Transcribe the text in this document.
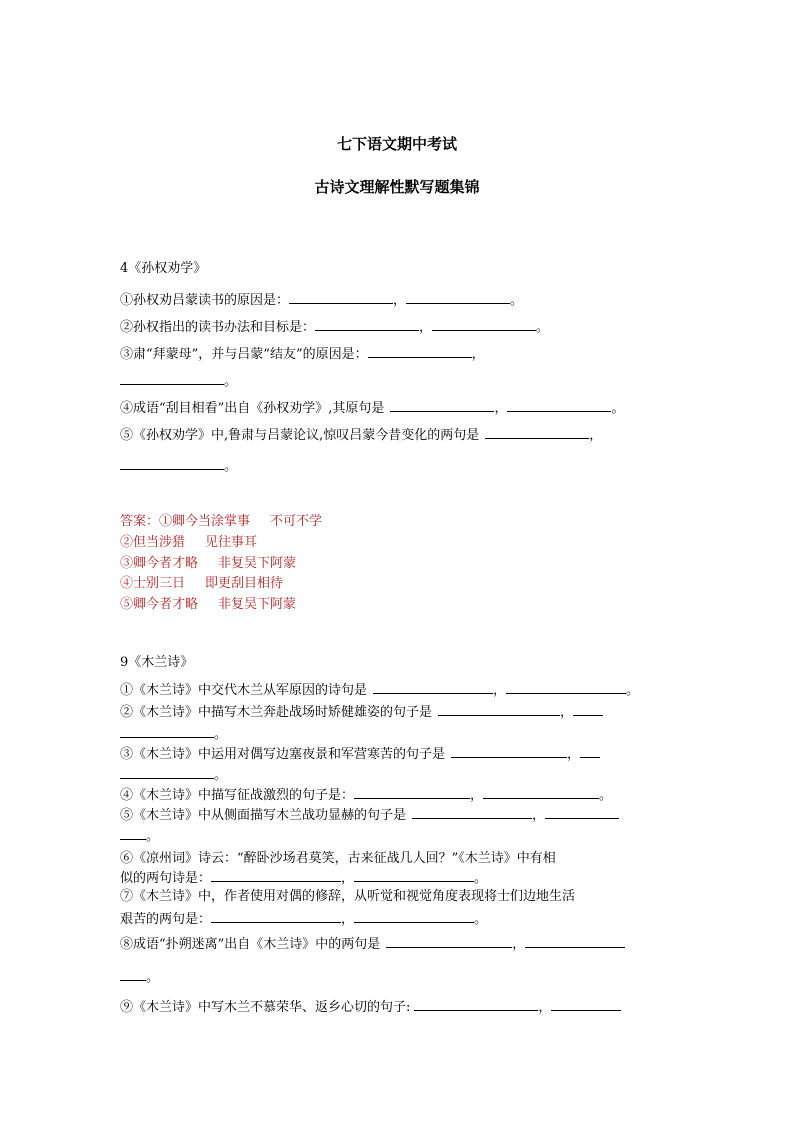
七下语文期中考试
古诗文理解性默写题集锦
4《孙权劝学》
①孙权劝吕蒙读书的原因是：	，	。
②孙权指出的读书办法和目标是：	，	。
③肃“拜蒙母”，并与吕蒙“结友”的原因是：	，
。
④成语“刮目相看”出自《孙权劝学》,其原句是	，	。
⑤《孙权劝学》中,鲁肃与吕蒙论议,惊叹吕蒙今昔变化的两句是	，
。
答案：①卿今当涂掌事 不可不学
②但当涉猎 见往事耳
③卿今者才略 非复吴下阿蒙
④士别三日 即更刮目相待
⑤卿今者才略 非复吴下阿蒙
9《木兰诗》
①《木兰诗》中交代木兰从军原因的诗句是	，	。
②《木兰诗》中描写木兰奔赴战场时矫健雄姿的句子是	，
。
③《木兰诗》中运用对偶写边塞夜景和军营寒苦的句子是	，
。
④《木兰诗》中描写征战激烈的句子是：	，	。
⑤《木兰诗》中从侧面描写木兰战功显赫的句子是	，
。
⑥《凉州词》诗云：“醉卧沙场君莫笑，古来征战几人回？”《木兰诗》中有相
似的两句诗是：	，	。
⑦《木兰诗》中，作者使用对偶的修辞，从听觉和视觉角度表现将士们边地生活
艰苦的两句是：	，	。
⑧成语“扑朔迷离”出自《木兰诗》中的两句是	，
。
⑨《木兰诗》中写木兰不慕荣华、返乡心切的句子:	，
